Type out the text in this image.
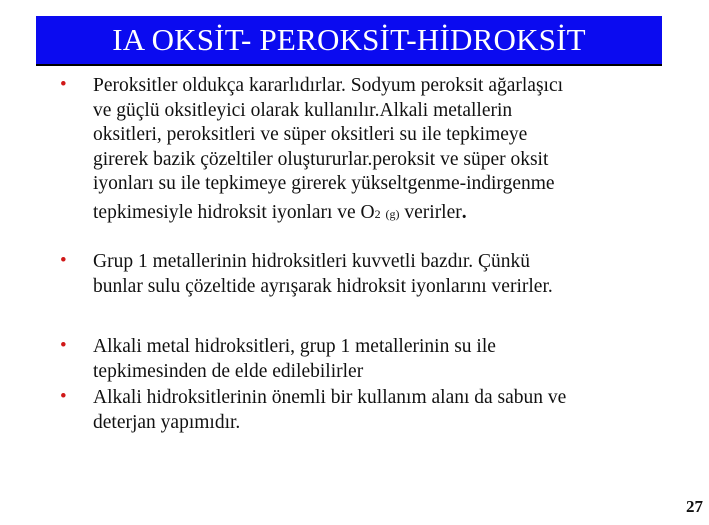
IA OKSİT- PEROKSİT-HİDROKSİT
• Peroksitler oldukça kararlıdırlar. Sodyum peroksit ağarlaşıcı
ve güçlü oksitleyici olarak kullanılır.Alkali metallerin
oksitleri, peroksitleri ve süper oksitleri su ile tepkimeye
girerek bazik çözeltiler oluştururlar.peroksit ve süper oksit
iyonları su ile tepkimeye girerek yükseltgenme-indirgenme
tepkimesiyle hidroksit iyonları ve O2 (g) verirler.
• Grup 1 metallerinin hidroksitleri kuvvetli bazdır. Çünkü
bunlar sulu çözeltide ayrışarak hidroksit iyonlarını verirler.
• Alkali metal hidroksitleri, grup 1 metallerinin su ile
tepkimesinden de elde edilebilirler
• Alkali hidroksitlerinin önemli bir kullanım alanı da sabun ve
deterjan yapımıdır.
27
